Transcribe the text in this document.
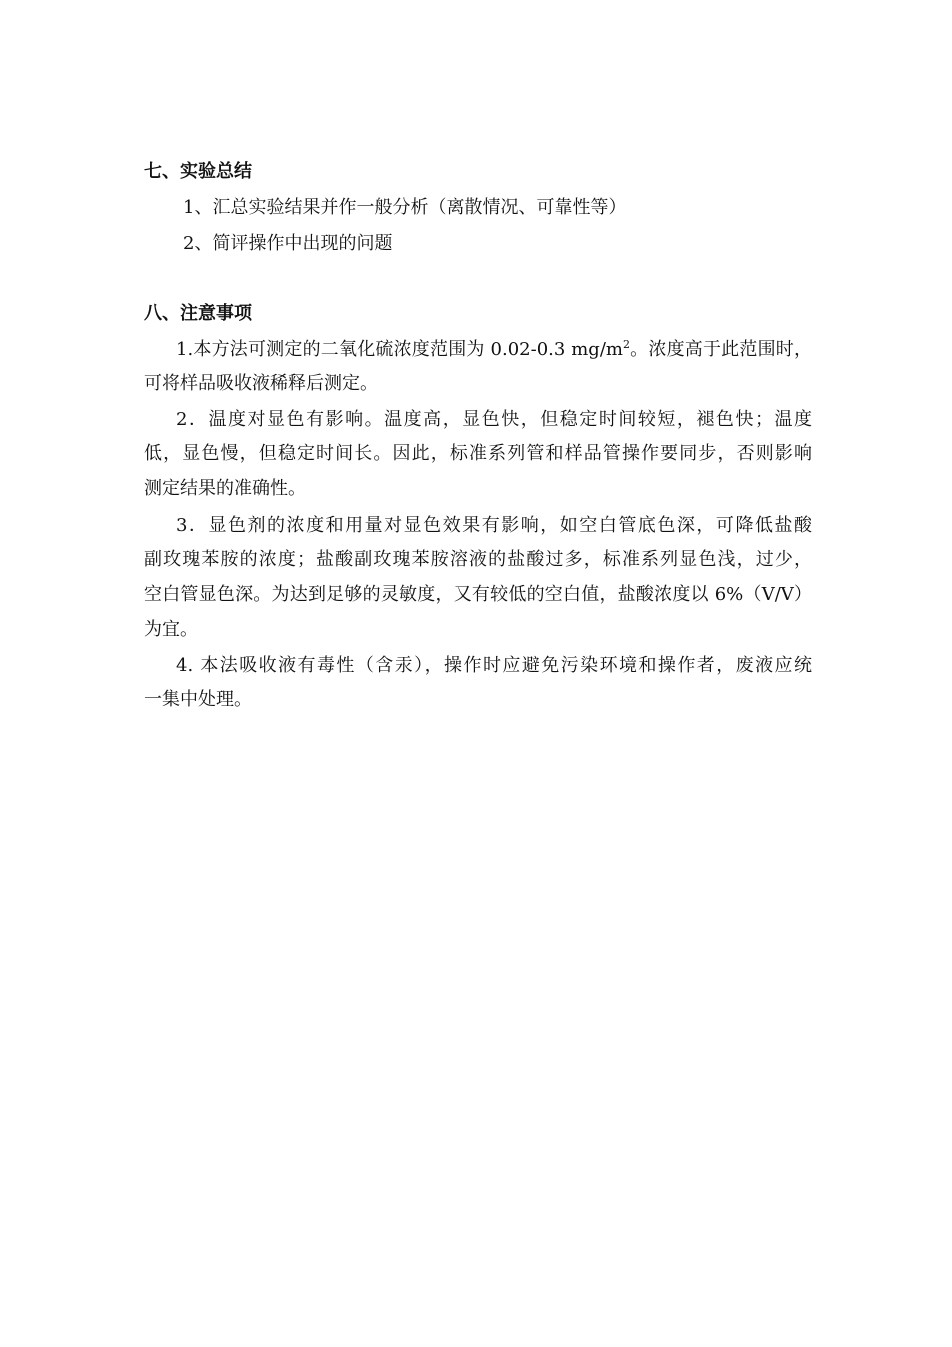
七、实验总结

1、汇总实验结果并作一般分析（离散情况、可靠性等）

2、简评操作中出现的问题

八、注意事项

1.本方法可测定的二氧化硫浓度范围为 0.02-0.3 $mg/m^2$。浓度高于此范围时，

可将样品吸收液稀释后测定。

2．温度对显色有影响。温度高，显色快，但稳定时间较短，褪色快；温度

低，显色慢，但稳定时间长。因此，标准系列管和样品管操作要同步，否则影响

测定结果的准确性。

3．显色剂的浓度和用量对显色效果有影响，如空白管底色深，可降低盐酸

副玫瑰苯胺的浓度；盐酸副玫瑰苯胺溶液的盐酸过多，标准系列显色浅，过少，

空白管显色深。为达到足够的灵敏度，又有较低的空白值，盐酸浓度以 6%（V/V）

为宜。

4. 本法吸收液有毒性（含汞），操作时应避免污染环境和操作者，废液应统

一集中处理。
